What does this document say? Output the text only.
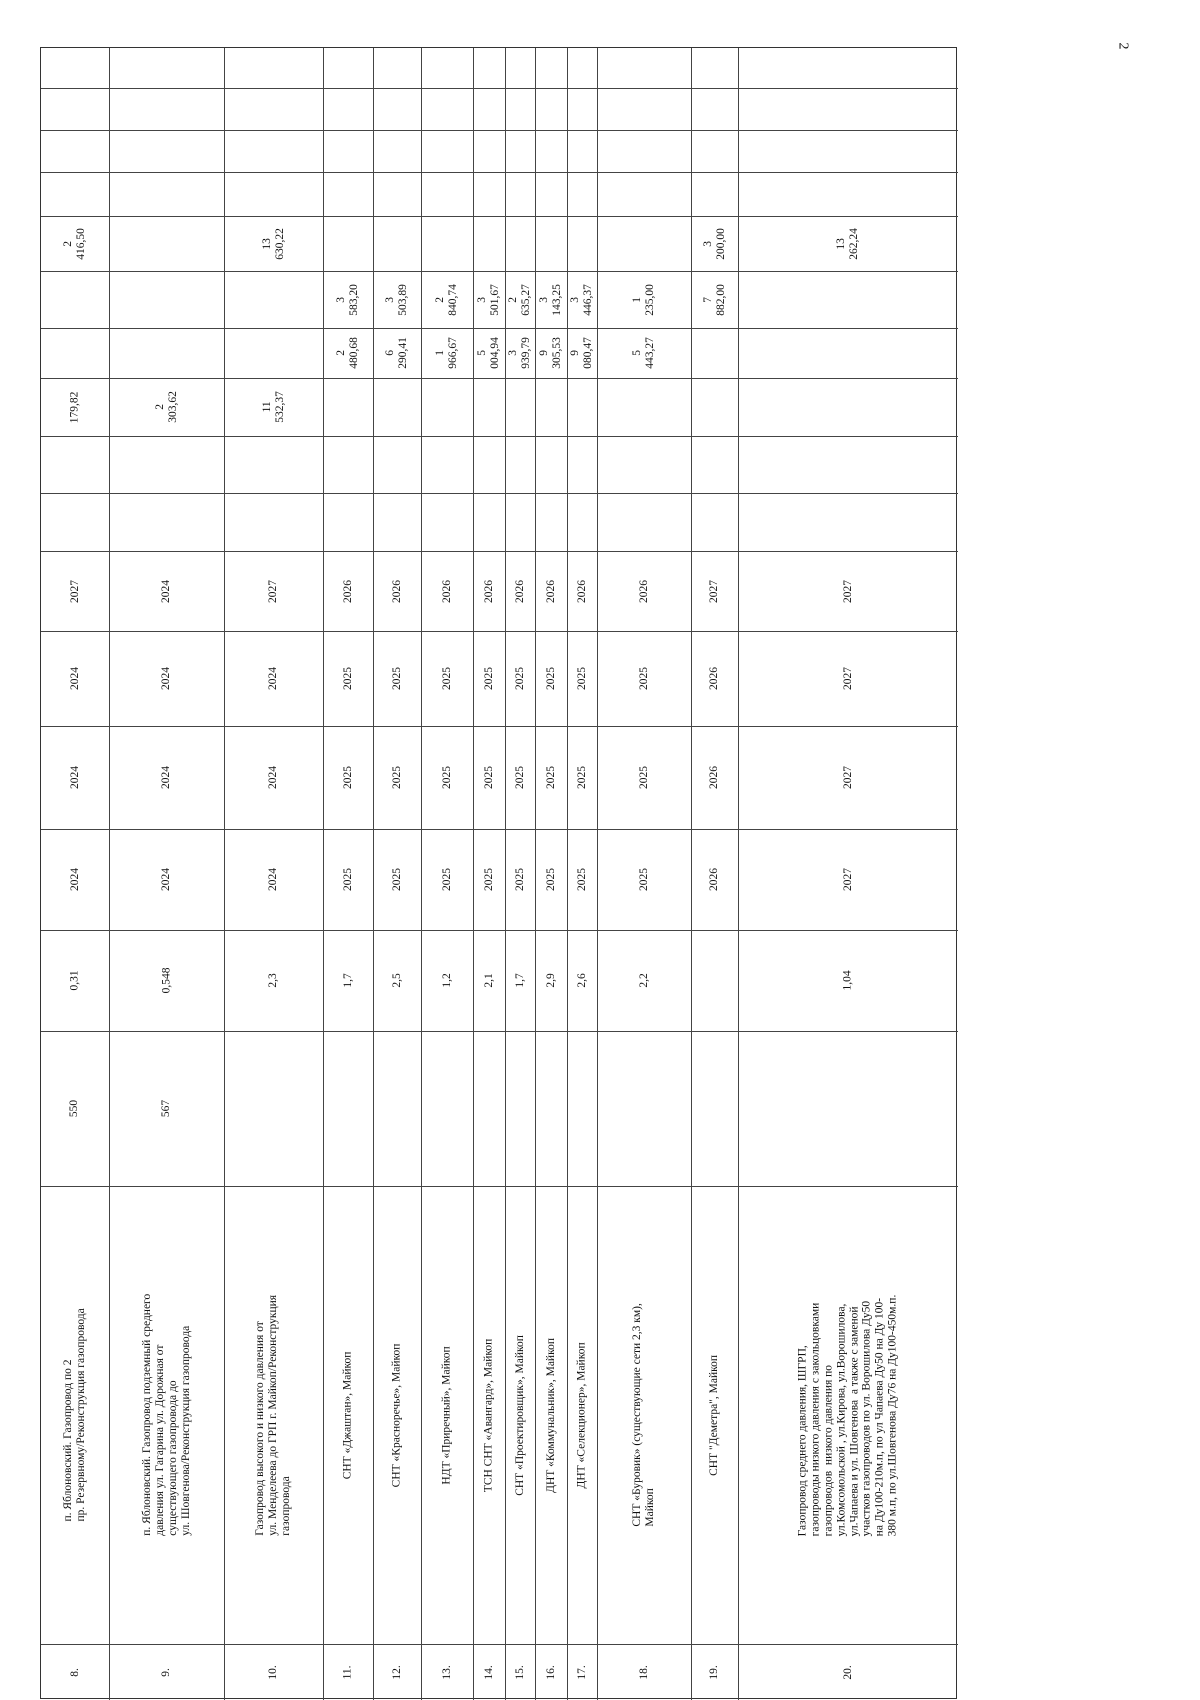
2
2
416,50
179,82
2027
2024
2024
2024
0,31
550
п. Яблоновский. Газопровод по 2
пр. Резервному/Реконструкция газопровода
8.
2
303,62
2024
2024
2024
2024
0,548
567
п. Яблоновский. Газопровод подземный среднего
давления ул. Гагарина ул. Дорожная от
существующего газопровода до
ул. Шовгенова/Реконструкция газопровода
9.
13
630,22
11
532,37
2027
2024
2024
2024
2,3
Газопровод высокого и низкого давления от
ул. Менделеева до ГРП г. Майкоп/Реконструкция
газопровода
10.
3
583,20
2
480,68
2026
2025
2025
2025
1,7
СНТ «Джаштан», Майкоп
11.
3
503,89
6
290,41
2026
2025
2025
2025
2,5
СНТ «Красноречье», Майкоп
12.
2
840,74
1
966,67
2026
2025
2025
2025
1,2
НДТ «Приречный», Майкоп
13.
3
501,67
5
004,94
2026
2025
2025
2025
2,1
ТСН СНТ «Авангард», Майкоп
14.
2
635,27
3
939,79
2026
2025
2025
2025
1,7
СНТ «Проектировщик», Майкоп
15.
3
143,25
9
305,53
2026
2025
2025
2025
2,9
ДНТ «Коммунальник», Майкоп
16.
3
446,37
9
080,47
2026
2025
2025
2025
2,6
ДНТ «Селекционер», Майкоп
17.
1
235,00
5
443,27
2026
2025
2025
2025
2,2
СНТ «Буровик» (существующие сети 2,3 км),
Майкоп
18.
3
200,00
7
882,00
2027
2026
2026
2026
СНТ "Деметра", Майкоп
19.
13
262,24
2027
2027
2027
2027
1,04
Газопровод среднего давления, ШГРП,
газопроводы низкого давления с закольцовками
газопроводов  низкого давления по
ул.Комсомольской , ул.Кирова, ул.Ворошилова,
ул.Чапаева и ул. Шовгенова  а также с заменой
участков газопроводов по ул. Ворошилова Ду50
на Ду100-210м.п, по ул Чапаева Ду50 на Ду 100-
380 м.п, по ул.Шовгенова Ду76 на Ду100-450м.п.
20.
